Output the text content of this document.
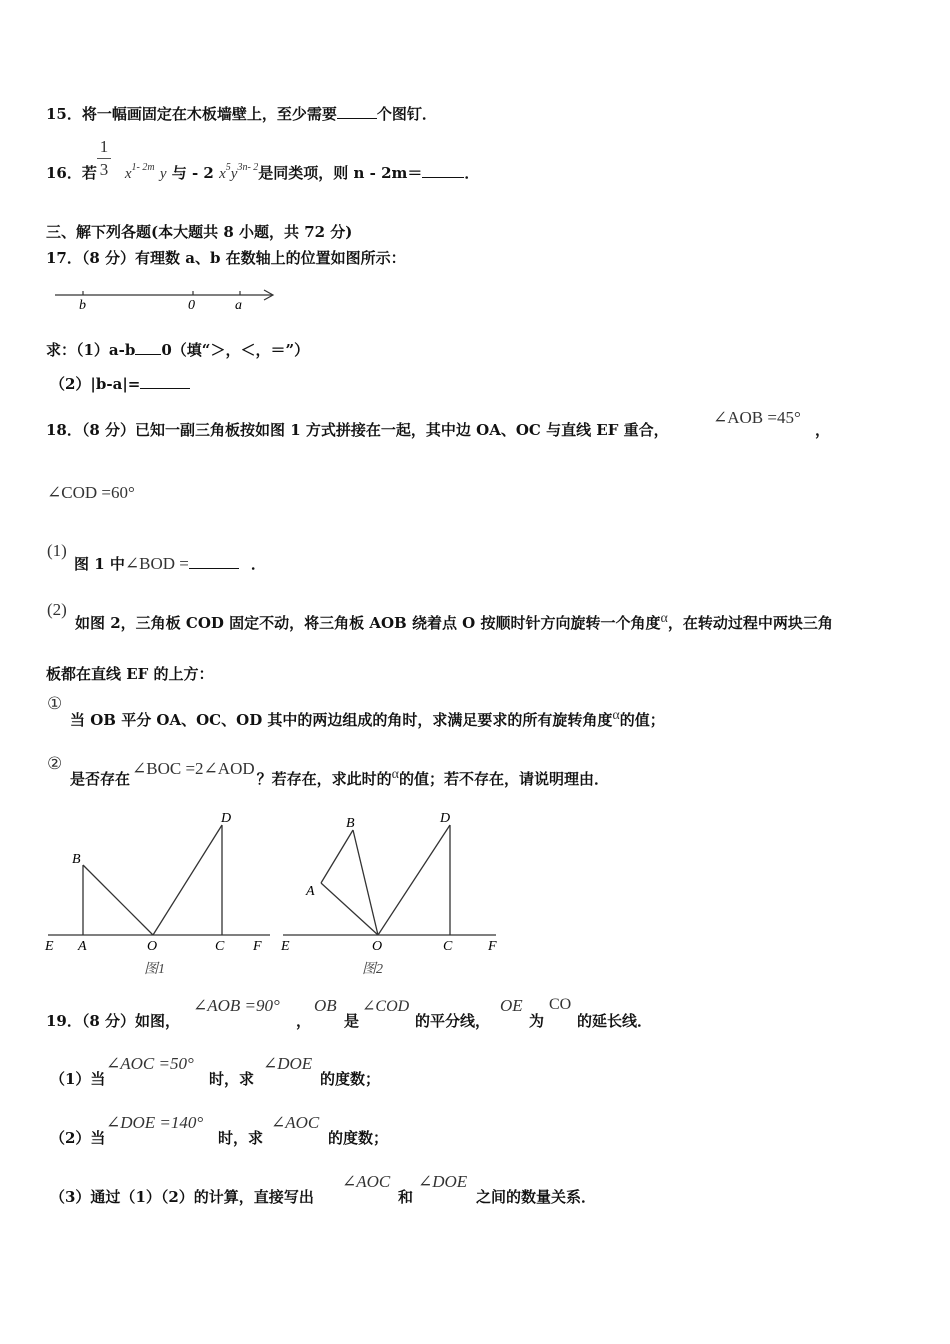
15．将一幅画固定在木板墙壁上，至少需要	个图钉．
1
3
16．若 $x^{1- 2m}$ y 与 - 2 $x^5y^{3n- 2}$是同类项，则 n - 2m＝	．
三、解下列各题(本大题共 8 小题，共 72 分)
17．（8 分）有理数 a、b 在数轴上的位置如图所示：
b	0	a
求：（1）a-b 0（填“＞，＜，＝”）
（2）|b-a|=
18．（8 分）已知一副三角板按如图 1 方式拼接在一起，其中边 OA、OC 与直线 EF 重合，
∠AOB =45°
，
∠COD =60°
(1)
图 1 中∠BOD =	．
(2)
如图 2，三角板 COD 固定不动，将三角板 AOB 绕着点 O 按顺时针方向旋转一个角度α，在转动过程中两块三角
板都在直线 EF 的上方：
①
当 OB 平分 OA、OC、OD 其中的两边组成的角时，求满足要求的所有旋转角度α的值；
②
是否存在∠BOC =2∠AOD？若存在，求此时的α的值；若不存在，请说明理由．
B
D
E A	O	C F
图1
B	D
A
E	O	C	F
图2
19．（8 分）如图，
∠AOB =90°
，
OB
是
∠COD
的平分线，
OE
为
CO
的延长线．
（1）当
∠AOC =50°
时，求
∠DOE
的度数；
（2）当
∠DOE =140°
时，求
∠AOC
的度数；
（3）通过（1）（2）的计算，直接写出
∠AOC
和
∠DOE
之间的数量关系．
